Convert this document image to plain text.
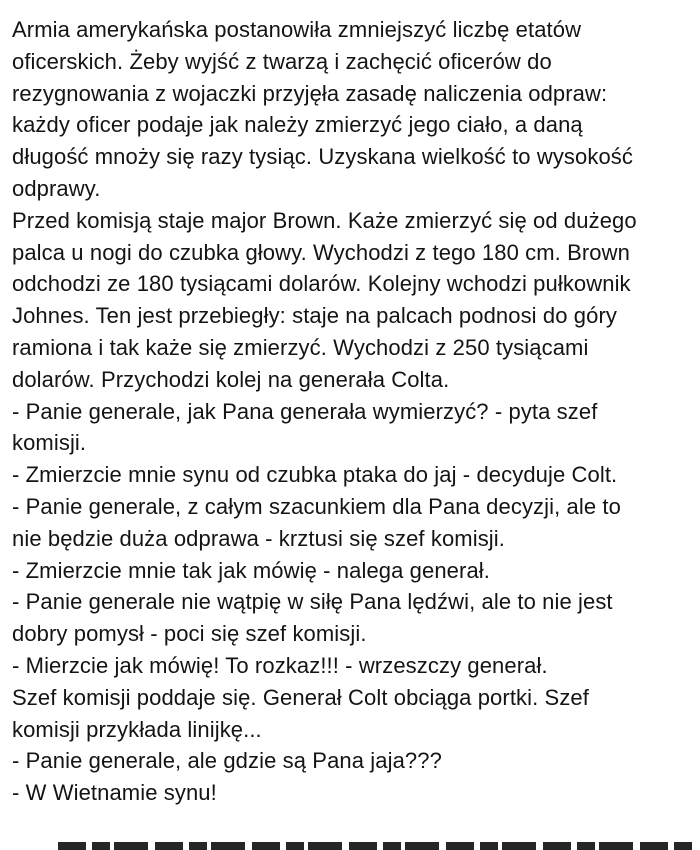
Armia amerykańska postanowiła zmniejszyć liczbę etatów
oficerskich. Żeby wyjść z twarzą i zachęcić oficerów do
rezygnowania z wojaczki przyjęła zasadę naliczenia odpraw:
każdy oficer podaje jak należy zmierzyć jego ciało, a daną
długość mnoży się razy tysiąc. Uzyskana wielkość to wysokość
odprawy.
Przed komisją staje major Brown. Każe zmierzyć się od dużego
palca u nogi do czubka głowy. Wychodzi z tego 180 cm. Brown
odchodzi ze 180 tysiącami dolarów. Kolejny wchodzi pułkownik
Johnes. Ten jest przebiegły: staje na palcach podnosi do góry
ramiona i tak każe się zmierzyć. Wychodzi z 250 tysiącami
dolarów. Przychodzi kolej na generała Colta.
- Panie generale, jak Pana generała wymierzyć? - pyta szef
komisji.
- Zmierzcie mnie synu od czubka ptaka do jaj - decyduje Colt.
- Panie generale, z całym szacunkiem dla Pana decyzji, ale to
nie będzie duża odprawa - krztusi się szef komisji.
- Zmierzcie mnie tak jak mówię - nalega generał.
- Panie generale nie wątpię w siłę Pana lędźwi, ale to nie jest
dobry pomysł - poci się szef komisji.
- Mierzcie jak mówię! To rozkaz!!! - wrzeszczy generał.
Szef komisji poddaje się. Generał Colt obciąga portki. Szef
komisji przykłada linijkę...
- Panie generale, ale gdzie są Pana jaja???
- W Wietnamie synu!
